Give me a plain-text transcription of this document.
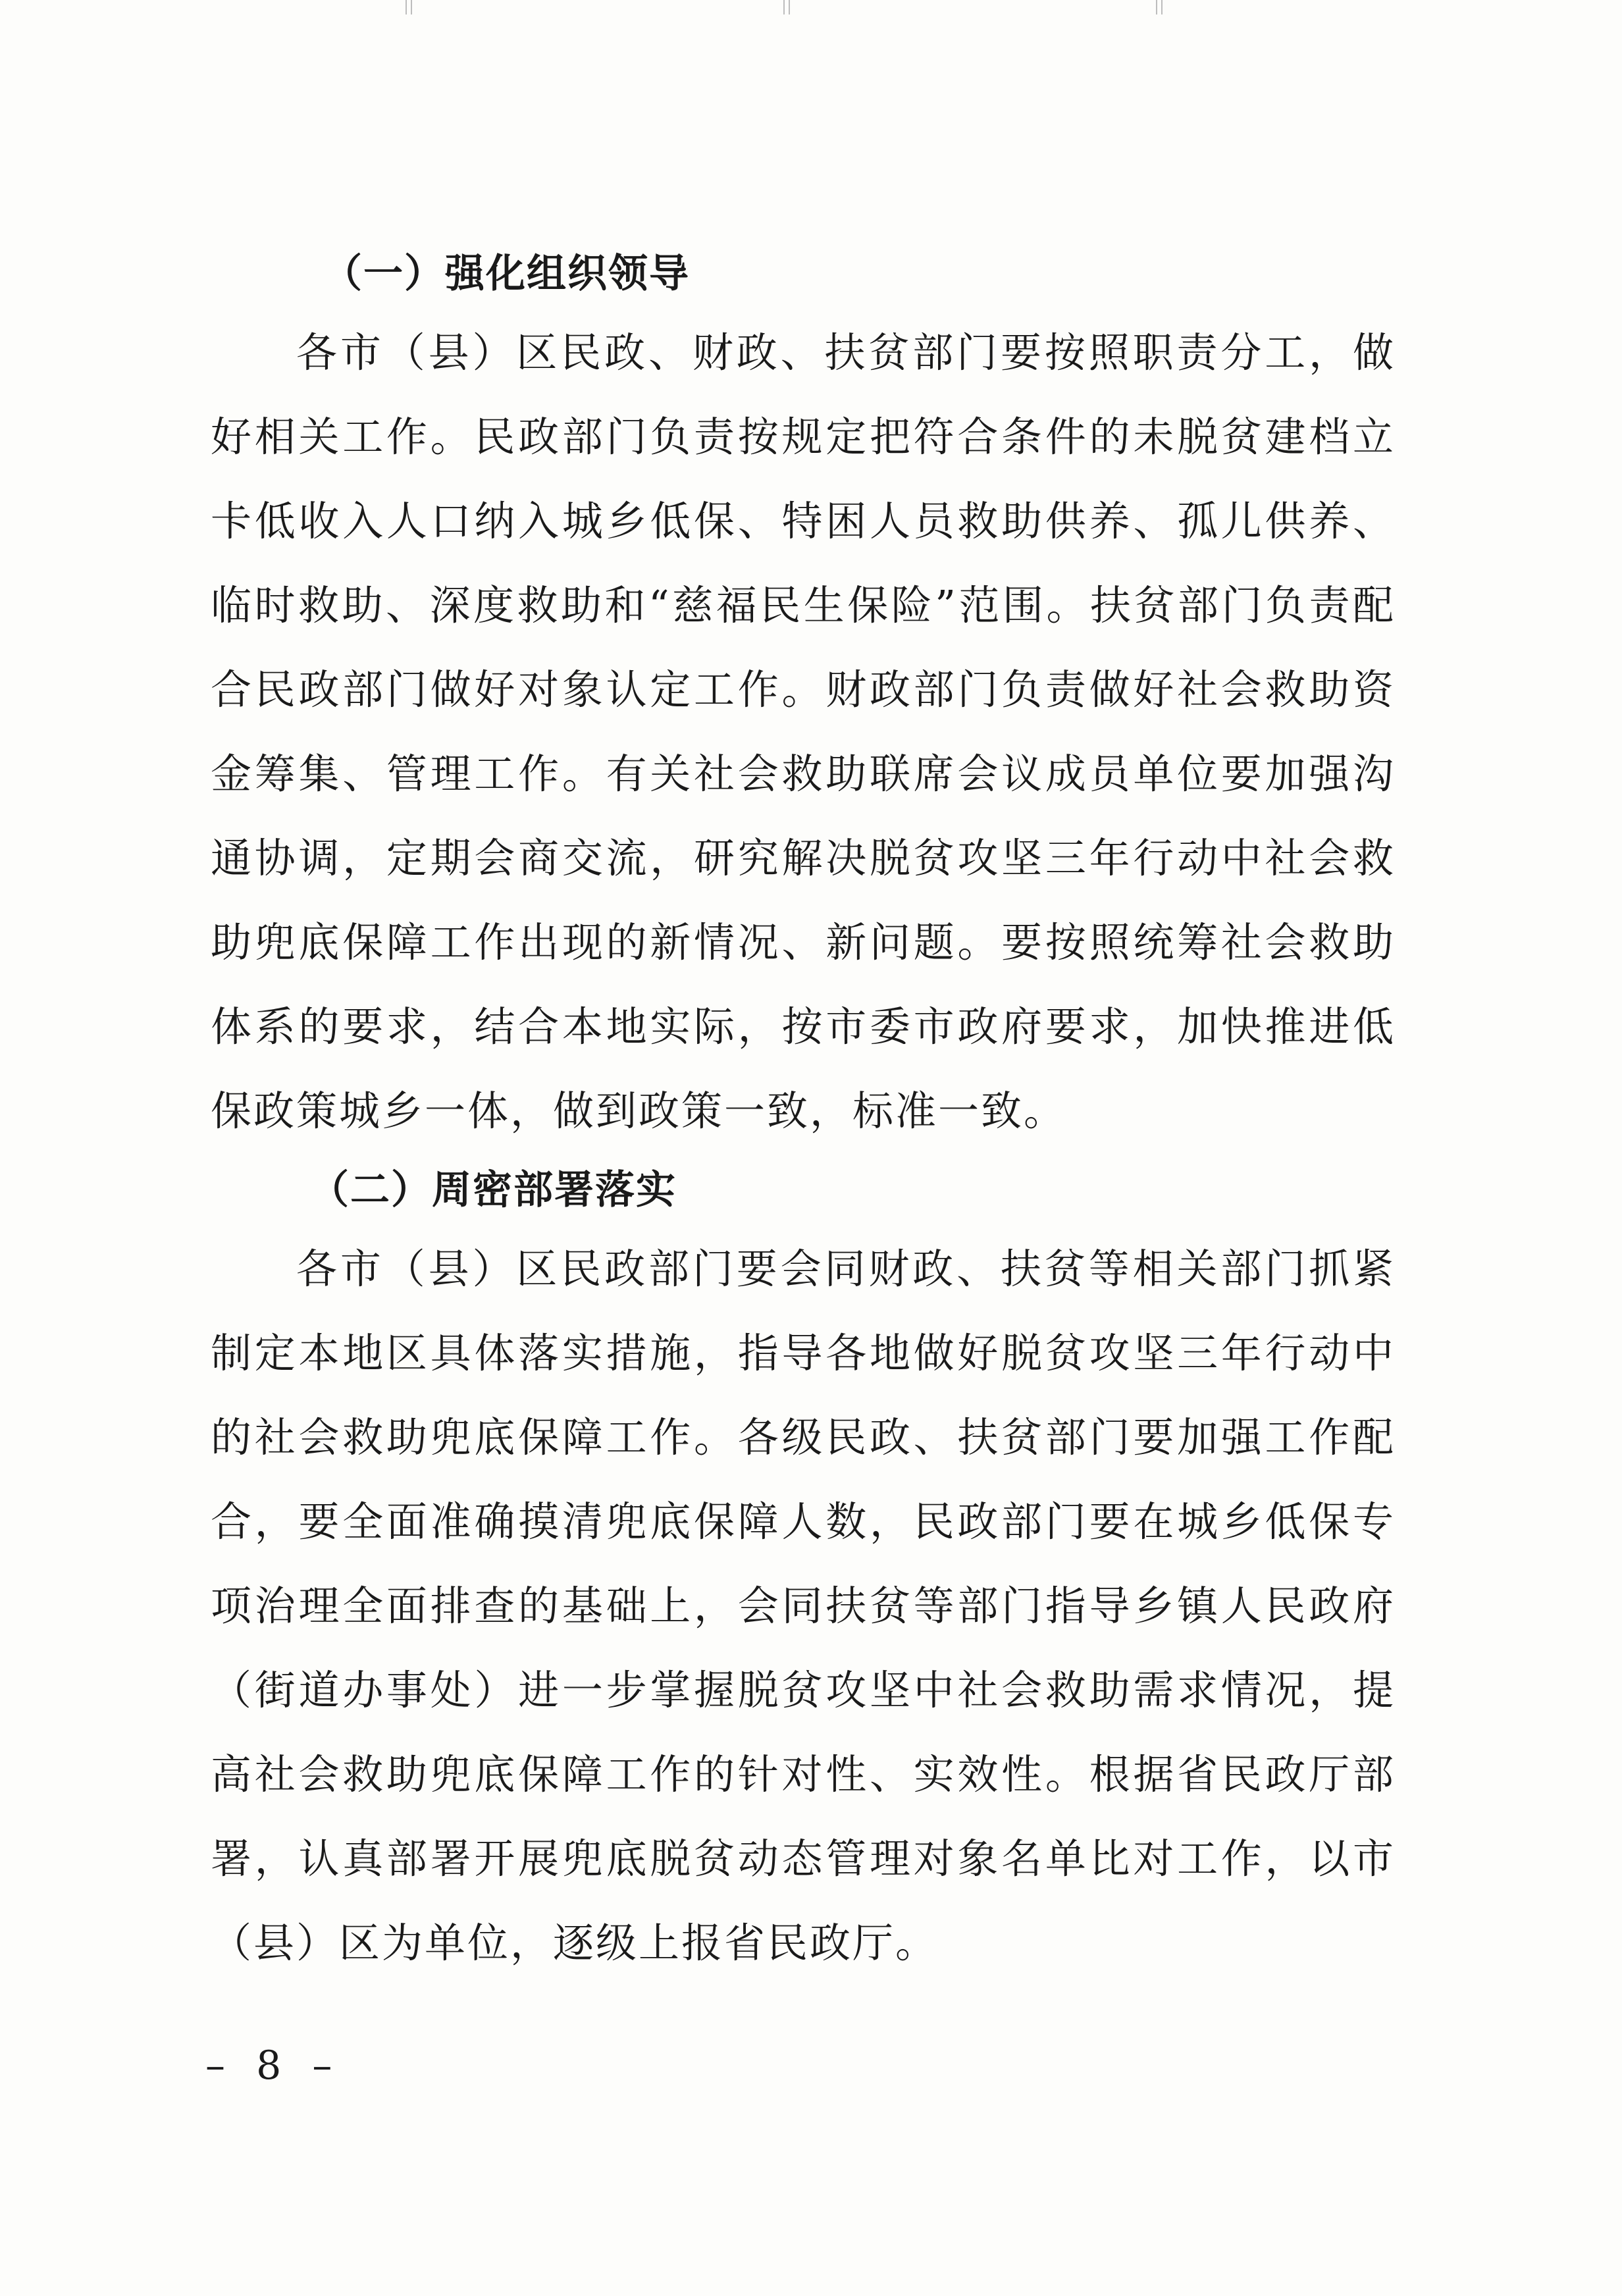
（一）强化组织领导

各市（县）区民政、财政、扶贫部门要按照职责分工，做好相关工作。民政部门负责按规定把符合条件的未脱贫建档立卡低收入人口纳入城乡低保、特困人员救助供养、孤儿供养、临时救助、深度救助和“慈福民生保险”范围。扶贫部门负责配合民政部门做好对象认定工作。财政部门负责做好社会救助资金筹集、管理工作。有关社会救助联席会议成员单位要加强沟通协调，定期会商交流，研究解决脱贫攻坚三年行动中社会救助兜底保障工作出现的新情况、新问题。要按照统筹社会救助体系的要求，结合本地实际，按市委市政府要求，加快推进低保政策城乡一体，做到政策一致，标准一致。

（二）周密部署落实

各市（县）区民政部门要会同财政、扶贫等相关部门抓紧制定本地区具体落实措施，指导各地做好脱贫攻坚三年行动中的社会救助兜底保障工作。各级民政、扶贫部门要加强工作配合，要全面准确摸清兜底保障人数，民政部门要在城乡低保专项治理全面排查的基础上，会同扶贫等部门指导乡镇人民政府（街道办事处）进一步掌握脱贫攻坚中社会救助需求情况，提高社会救助兜底保障工作的针对性、实效性。根据省民政厅部署，认真部署开展兜底脱贫动态管理对象名单比对工作，以市（县）区为单位，逐级上报省民政厅。

– 8 –
